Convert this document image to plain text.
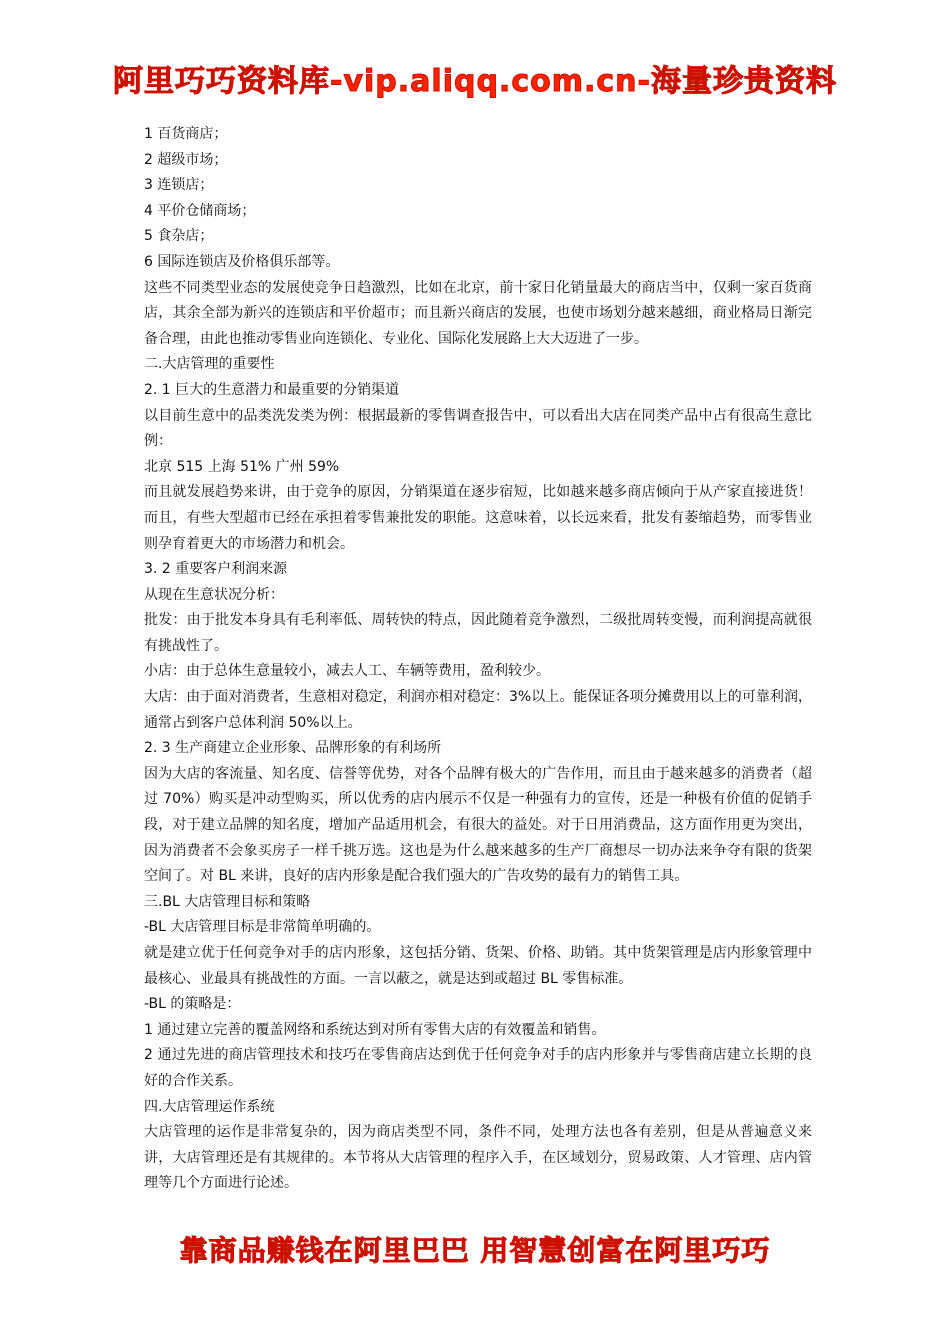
阿里巧巧资料库-vip.aliqq.com.cn-海量珍贵资料

1 百货商店；

2 超级市场；

3 连锁店；

4 平价仓储商场；

5 食杂店；

6 国际连锁店及价格俱乐部等。

这些不同类型业态的发展使竞争日趋激烈，比如在北京，前十家日化销量最大的商店当中，仅剩一家百货商店，其余全部为新兴的连锁店和平价超市；而且新兴商店的发展，也使市场划分越来越细，商业格局日渐完备合理，由此也推动零售业向连锁化、专业化、国际化发展路上大大迈进了一步。

二.大店管理的重要性

2. 1 巨大的生意潜力和最重要的分销渠道

以目前生意中的品类洗发类为例：根据最新的零售调查报告中，可以看出大店在同类产品中占有很高生意比例：

北京 515 上海 51% 广州 59%

而且就发展趋势来讲，由于竞争的原因，分销渠道在逐步宿短，比如越来越多商店倾向于从产家直接进货！而且，有些大型超市已经在承担着零售兼批发的职能。这意味着，以长远来看，批发有萎缩趋势，而零售业则孕育着更大的市场潜力和机会。

3. 2 重要客户利润来源

从现在生意状况分析：

批发：由于批发本身具有毛利率低、周转快的特点，因此随着竞争激烈，二级批周转变慢，而利润提高就很有挑战性了。

小店：由于总体生意量较小，减去人工、车辆等费用，盈利较少。

大店：由于面对消费者，生意相对稳定，利润亦相对稳定：3%以上。能保证各项分摊费用以上的可靠利润，通常占到客户总体利润 50%以上。

2. 3 生产商建立企业形象、品牌形象的有利场所

因为大店的客流量、知名度、信誉等优势，对各个品牌有极大的广告作用，而且由于越来越多的消费者（超过 70%）购买是冲动型购买，所以优秀的店内展示不仅是一种强有力的宣传，还是一种极有价值的促销手段，对于建立品牌的知名度，增加产品适用机会，有很大的益处。对于日用消费品，这方面作用更为突出，因为消费者不会象买房子一样千挑万选。这也是为什么越来越多的生产厂商想尽一切办法来争夺有限的货架空间了。对 BL 来讲，良好的店内形象是配合我们强大的广告攻势的最有力的销售工具。

三.BL 大店管理目标和策略

-BL 大店管理目标是非常简单明确的。

就是建立优于任何竞争对手的店内形象，这包括分销、货架、价格、助销。其中货架管理是店内形象管理中最核心、业最具有挑战性的方面。一言以蔽之，就是达到或超过 BL 零售标准。

-BL 的策略是：

1 通过建立完善的覆盖网络和系统达到对所有零售大店的有效覆盖和销售。

2 通过先进的商店管理技术和技巧在零售商店达到优于任何竞争对手的店内形象并与零售商店建立长期的良好的合作关系。

四.大店管理运作系统

大店管理的运作是非常复杂的，因为商店类型不同，条件不同，处理方法也各有差别，但是从普遍意义来讲，大店管理还是有其规律的。本节将从大店管理的程序入手，在区域划分，贸易政策、人才管理、店内管理等几个方面进行论述。

靠商品赚钱在阿里巴巴 用智慧创富在阿里巧巧
